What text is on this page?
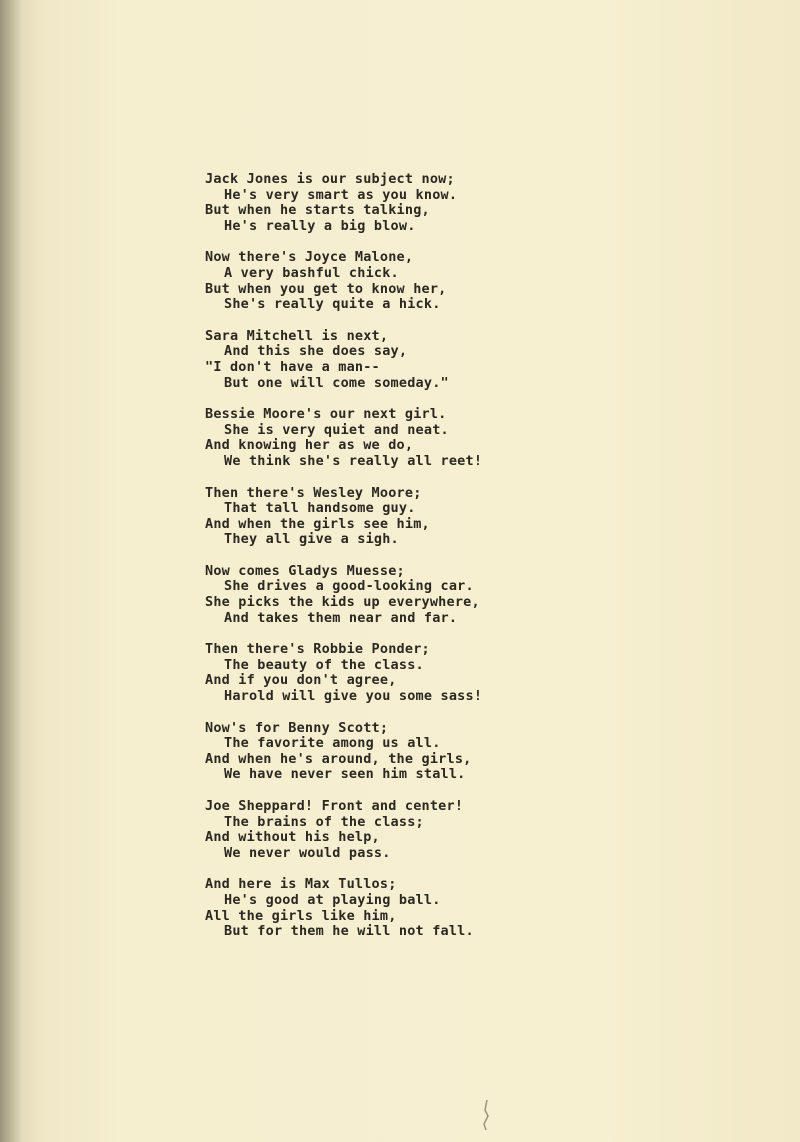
Jack Jones is our subject now;
He's very smart as you know.
But when he starts talking,
He's really a big blow.
Now there's Joyce Malone,
A very bashful chick.
But when you get to know her,
She's really quite a hick.
Sara Mitchell is next,
And this she does say,
"I don't have a man--
But one will come someday."
Bessie Moore's our next girl.
She is very quiet and neat.
And knowing her as we do,
We think she's really all reet!
Then there's Wesley Moore;
That tall handsome guy.
And when the girls see him,
They all give a sigh.
Now comes Gladys Muesse;
She drives a good-looking car.
She picks the kids up everywhere,
And takes them near and far.
Then there's Robbie Ponder;
The beauty of the class.
And if you don't agree,
Harold will give you some sass!
Now's for Benny Scott;
The favorite among us all.
And when he's around, the girls,
We have never seen him stall.
Joe Sheppard! Front and center!
The brains of the class;
And without his help,
We never would pass.
And here is Max Tullos;
He's good at playing ball.
All the girls like him,
But for them he will not fall.
